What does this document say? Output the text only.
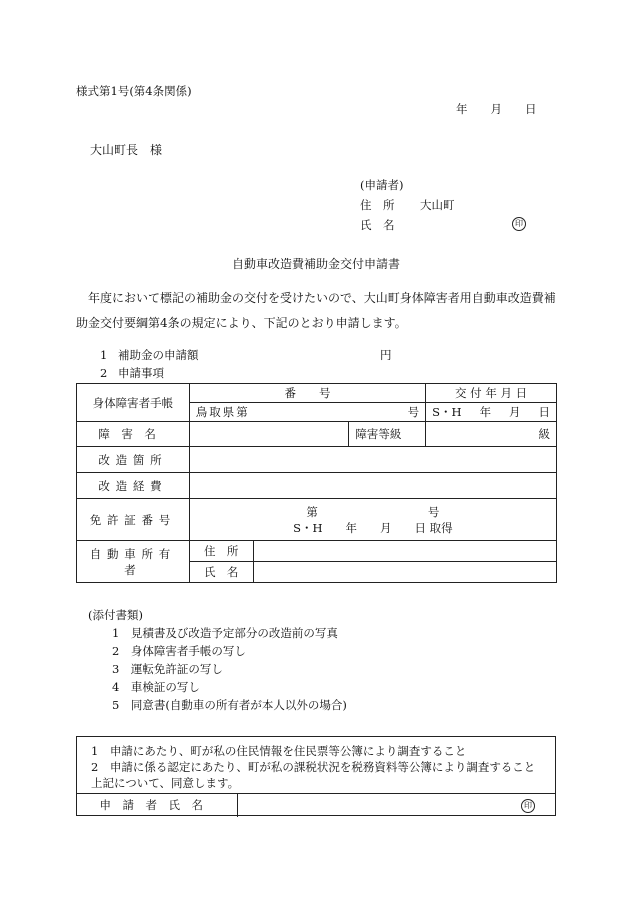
様式第1号(第4条関係)
年　　月　　日
大山町長　様
(申請者)
住　所 大山町
氏　名	印
自動車改造費補助金交付申請書
年度において標記の補助金の交付を受けたいので、大山町身体障害者用自動車改造費補助金交付要綱第4条の規定により、下記のとおり申請します。
1 補助金の申請額	円
2 申請事項
身体障害者手帳	番　　号			交 付 年 月 日

	鳥取県第 号			S・H 年 月 日

障害名			障害等級	級
改造箇所				
改造経費				
免許証番号	第 号
S・H　　年　　月　　日 取得			

自動車所有者	住　所			
	氏　名			
(添付書類)
1　 見積書及び改造予定部分の改造前の写真
2　 身体障害者手帳の写し
3　 運転免許証の写し
4　 車検証の写し
5　 同意書(自動車の所有者が本人以外の場合)
1　申請にあたり、町が私の住民情報を住民票等公簿により調査すること
2　申請に係る認定にあたり、町が私の課税状況を税務資料等公簿により調査すること
上記について、同意します。
申請者氏名	印
